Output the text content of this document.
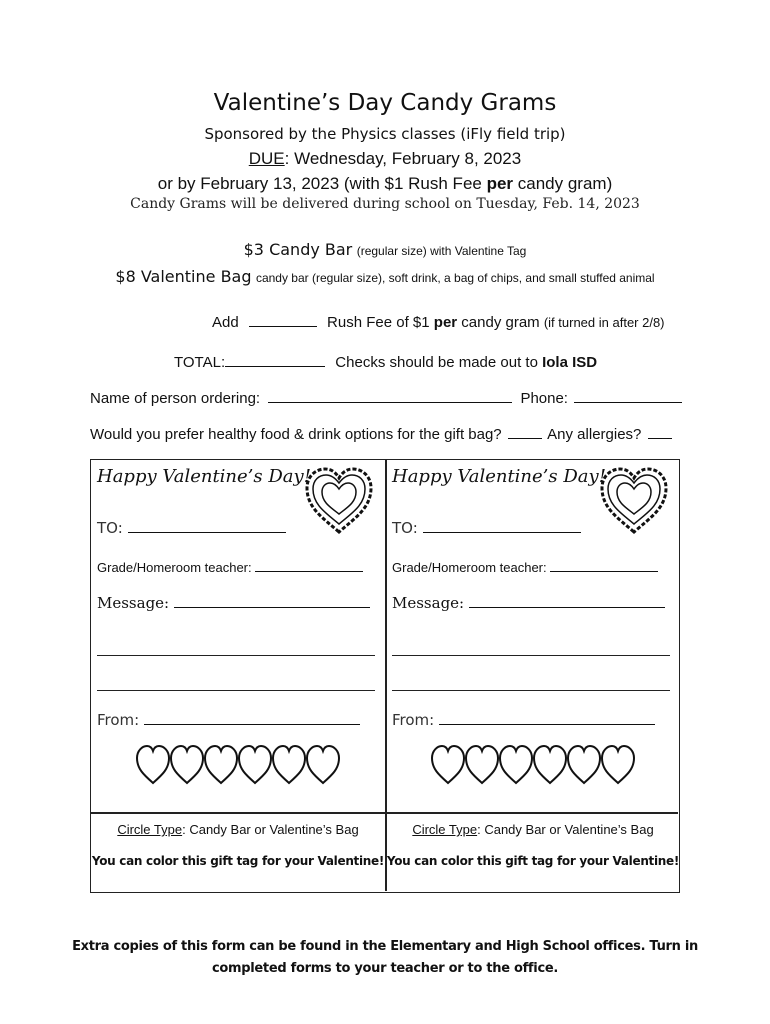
Valentine’s Day Candy Grams
Sponsored by the Physics classes (iFly field trip)
DUE: Wednesday, February 8, 2023
or by February 13, 2023 (with $1 Rush Fee per candy gram)
Candy Grams will be delivered during school on Tuesday, Feb. 14, 2023
$3 Candy Bar (regular size) with Valentine Tag
$8 Valentine Bag candy bar (regular size), soft drink, a bag of chips, and small stuffed animal
Add	Rush Fee of $1 per candy gram (if turned in after 2/8)
TOTAL:	Checks should be made out to Iola ISD
Name of person ordering:	Phone:
Would you prefer healthy food & drink options for the gift bag?	Any allergies?
Happy Valentine’s Day!
TO:
Grade/Homeroom teacher:
Message:
From:
Happy Valentine’s Day!
TO:
Grade/Homeroom teacher:
Message:
From:
Circle Type: Candy Bar or Valentine’s Bag
You can color this gift tag for your Valentine!
Circle Type: Candy Bar or Valentine’s Bag
You can color this gift tag for your Valentine!
Extra copies of this form can be found in the Elementary and High School offices. Turn in
completed forms to your teacher or to the office.
